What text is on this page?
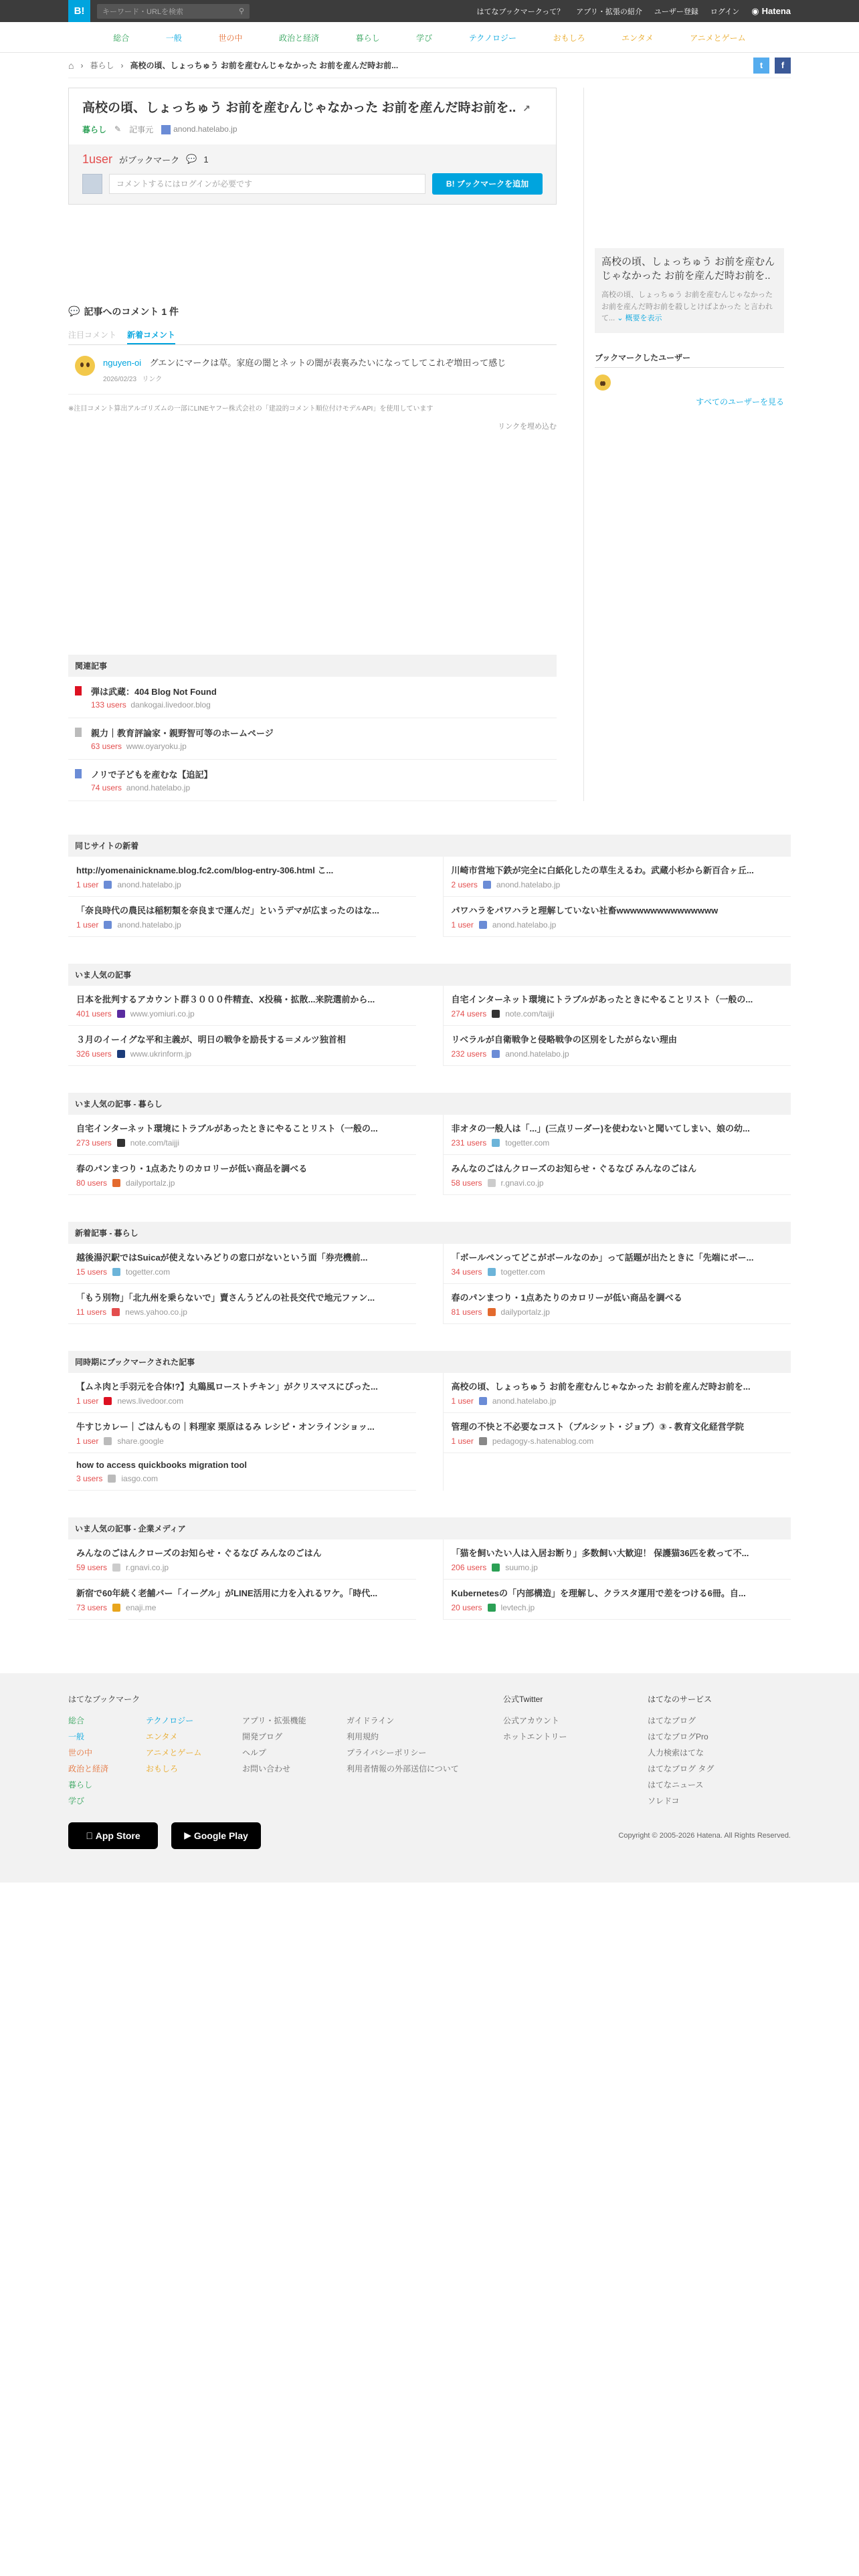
B!	キーワード・URLを検索	⚲	はてなブックマークって？ アプリ・拡張の紹介 ユーザー登録 ログイン ◉ Hatena
総合	一般	世の中	政治と経済	暮らし	学び	テクノロジー	おもしろ	エンタメ	アニメとゲーム
⌂ › 暮らし › 高校の頃、しょっちゅう お前を産むんじゃなかった お前を産んだ時お前...	t	f
高校の頃、しょっちゅう お前を産むんじゃなかった お前を産んだ時お前を.. ↗
暮らし ✎ 記事元	anond.hatelabo.jp
1user がブックマーク 💬 1
コメントするにはログインが必要です	B! ブックマークを追加
💬 記事へのコメント 1 件
注目コメント 新着コメント
nguyen-oi グエンにマークは草。家庭の闇とネットの闇が表裏みたいになってしてこれぞ増田って感じ
2026/02/23 リンク
※注目コメント算出アルゴリズムの一部にLINEヤフー株式会社の「建設的コメント順位付けモデルAPI」を使用しています
リンクを埋め込む
関連記事
弾は武蔵：404 Blog Not Found
133 users dankogai.livedoor.blog
親力｜教育評論家・親野智可等のホームページ
63 users www.oyaryoku.jp
ノリで子どもを産むな【追記】
74 users anond.hatelabo.jp
高校の頃、しょっちゅう お前を産むんじゃなかった お前を産んだ時お前を..
高校の頃、しょっちゅう お前を産むんじゃなかった お前を産んだ時お前を殺しとけばよかった と言われて... ⌄ 概要を表示
ブックマークしたユーザー
すべてのユーザーを見る
同じサイトの新着
http://yomenainickname.blog.fc2.com/blog-entry-306.html こ...
1 user anond.hatelabo.jp
「奈良時代の農民は稲籾類を奈良まで運んだ」というデマが広まったのはな...
1 user anond.hatelabo.jp
川崎市営地下鉄が完全に白紙化したの草生えるわ。武蔵小杉から新百合ヶ丘...
2 users anond.hatelabo.jp
パワハラをパワハラと理解していない社畜wwwwwwwwwwwwwww
1 user anond.hatelabo.jp
いま人気の記事
日本を批判するアカウント群３０００件精査、X投稿・拡散...来院選前から...
401 users www.yomiuri.co.jp
３月のイーイグな平和主義が、明日の戦争を励長する＝メルツ独首相
326 users www.ukrinform.jp
自宅インターネット環境にトラブルがあったときにやることリスト（一般の...
274 users note.com/taijji
リベラルが自衛戦争と侵略戦争の区別をしたがらない理由
232 users anond.hatelabo.jp
いま人気の記事 - 暮らし
自宅インターネット環境にトラブルがあったときにやることリスト（一般の...
273 users note.com/taijji
春のパンまつり・1点あたりのカロリーが低い商品を調べる
80 users dailyportalz.jp
非オタの一般人は「...」(三点リーダー)を使わないと聞いてしまい、娘の幼...
231 users togetter.com
みんなのごはんクローズのお知らせ・ぐるなび みんなのごはん
58 users r.gnavi.co.jp
新着記事 - 暮らし
越後湯沢駅ではSuicaが使えないみどりの窓口がないという面「券売機前...
15 users togetter.com
「もう別物」「北九州を乗らないで」賣さんうどんの社長交代で地元ファン...
11 users news.yahoo.co.jp
「ボールペンってどこがボールなのか」って話題が出たときに「先端にボー...
34 users togetter.com
春のパンまつり・1点あたりのカロリーが低い商品を調べる
81 users dailyportalz.jp
同時期にブックマークされた記事
【ムネ肉と手羽元を合体!?】丸鶏風ローストチキン」がクリスマスにぴった...
1 user news.livedoor.com
牛すじカレー｜ごはんもの｜料理家 栗原はるみ レシピ・オンラインショッ...
1 user share.google
how to access quickbooks migration tool
3 users iasgo.com
高校の頃、しょっちゅう お前を産むんじゃなかった お前を産んだ時お前を...
1 user anond.hatelabo.jp
管理の不快と不必要なコスト（ブルシット・ジョブ）③ - 教育文化経営学院
1 user pedagogy-s.hatenablog.com
いま人気の記事 - 企業メディア
みんなのごはんクローズのお知らせ・ぐるなび みんなのごはん
59 users r.gnavi.co.jp
新宿で60年続く老舗バー「イーグル」がLINE活用に力を入れるワケ。「時代...
73 users enaji.me
「猫を飼いたい人は入居お断り」多数飼い大歓迎！ 保護猫36匹を救って不...
206 users suumo.jp
Kubernetesの「内部構造」を理解し、クラスタ運用で差をつける6冊。自...
20 users levtech.jp
はてなブックマーク
総合
一般
世の中
政治と経済
暮らし
学び
テクノロジー
エンタメ
アニメとゲーム
おもしろ
アプリ・拡張機能
開発ブログ
ヘルプ
お問い合わせ
ガイドライン
利用規約
プライバシーポリシー
利用者情報の外部送信について
公式Twitter
公式アカウント
ホットエントリー
はてなのサービス
はてなブログ
はてなブログPro
人力検索はてな
はてなブログ タグ
はてなニュース
ソレドコ
App Store	▶ Google Play	Copyright © 2005-2026 Hatena. All Rights Reserved.
